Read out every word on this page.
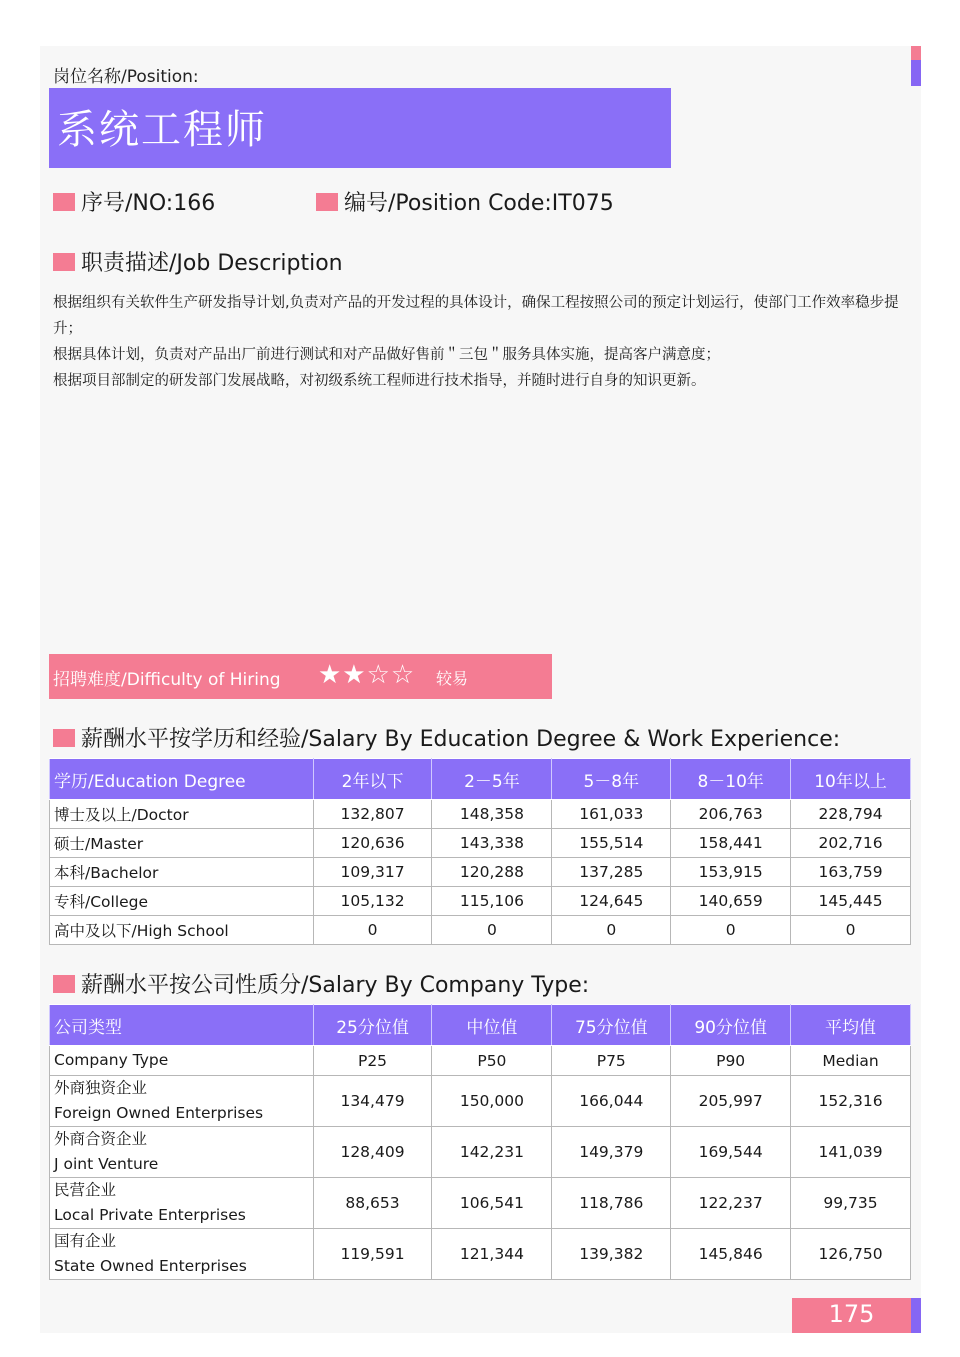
岗位名称/Position:
系统工程师
序号/NO:166	编号/Position Code:IT075
职责描述/Job Description

根据组织有关软件生产研发指导计划,负责对产品的开发过程的具体设计，确保工程按照公司的预定计划运行，使部门工作效率稳步提升；

根据具体计划，负责对产品出厂前进行测试和对产品做好售前＂三包＂服务具体实施，提高客户满意度；

根据项目部制定的研发部门发展战略，对初级系统工程师进行技术指导，并随时进行自身的知识更新。

招聘难度/Difficulty of Hiring ★★☆☆ 较易
薪酬水平按学历和经验/Salary By Education Degree & Work Experience:
学历/Education Degree	2年以下	2－5年	5－8年	8－10年	10年以上
博士及以上/Doctor	132,807	148,358	161,033	206,763	228,794
硕士/Master	120,636	143,338	155,514	158,441	202,716
本科/Bachelor	109,317	120,288	137,285	153,915	163,759
专科/College	105,132	115,106	124,645	140,659	145,445
高中及以下/High School	0	0	0	0	0
薪酬水平按公司性质分/Salary By Company Type:
公司类型	25分位值	中位值	75分位值	90分位值	平均值
Company Type	P25	P50	P75	P90	Median
外商独资企业
Foreign Owned Enterprises	134,479	150,000	166,044	205,997	152,316
外商合资企业
J oint Venture	128,409	142,231	149,379	169,544	141,039
民营企业
Local Private Enterprises	88,653	106,541	118,786	122,237	99,735
国有企业
State Owned Enterprises	119,591	121,344	139,382	145,846	126,750
175
